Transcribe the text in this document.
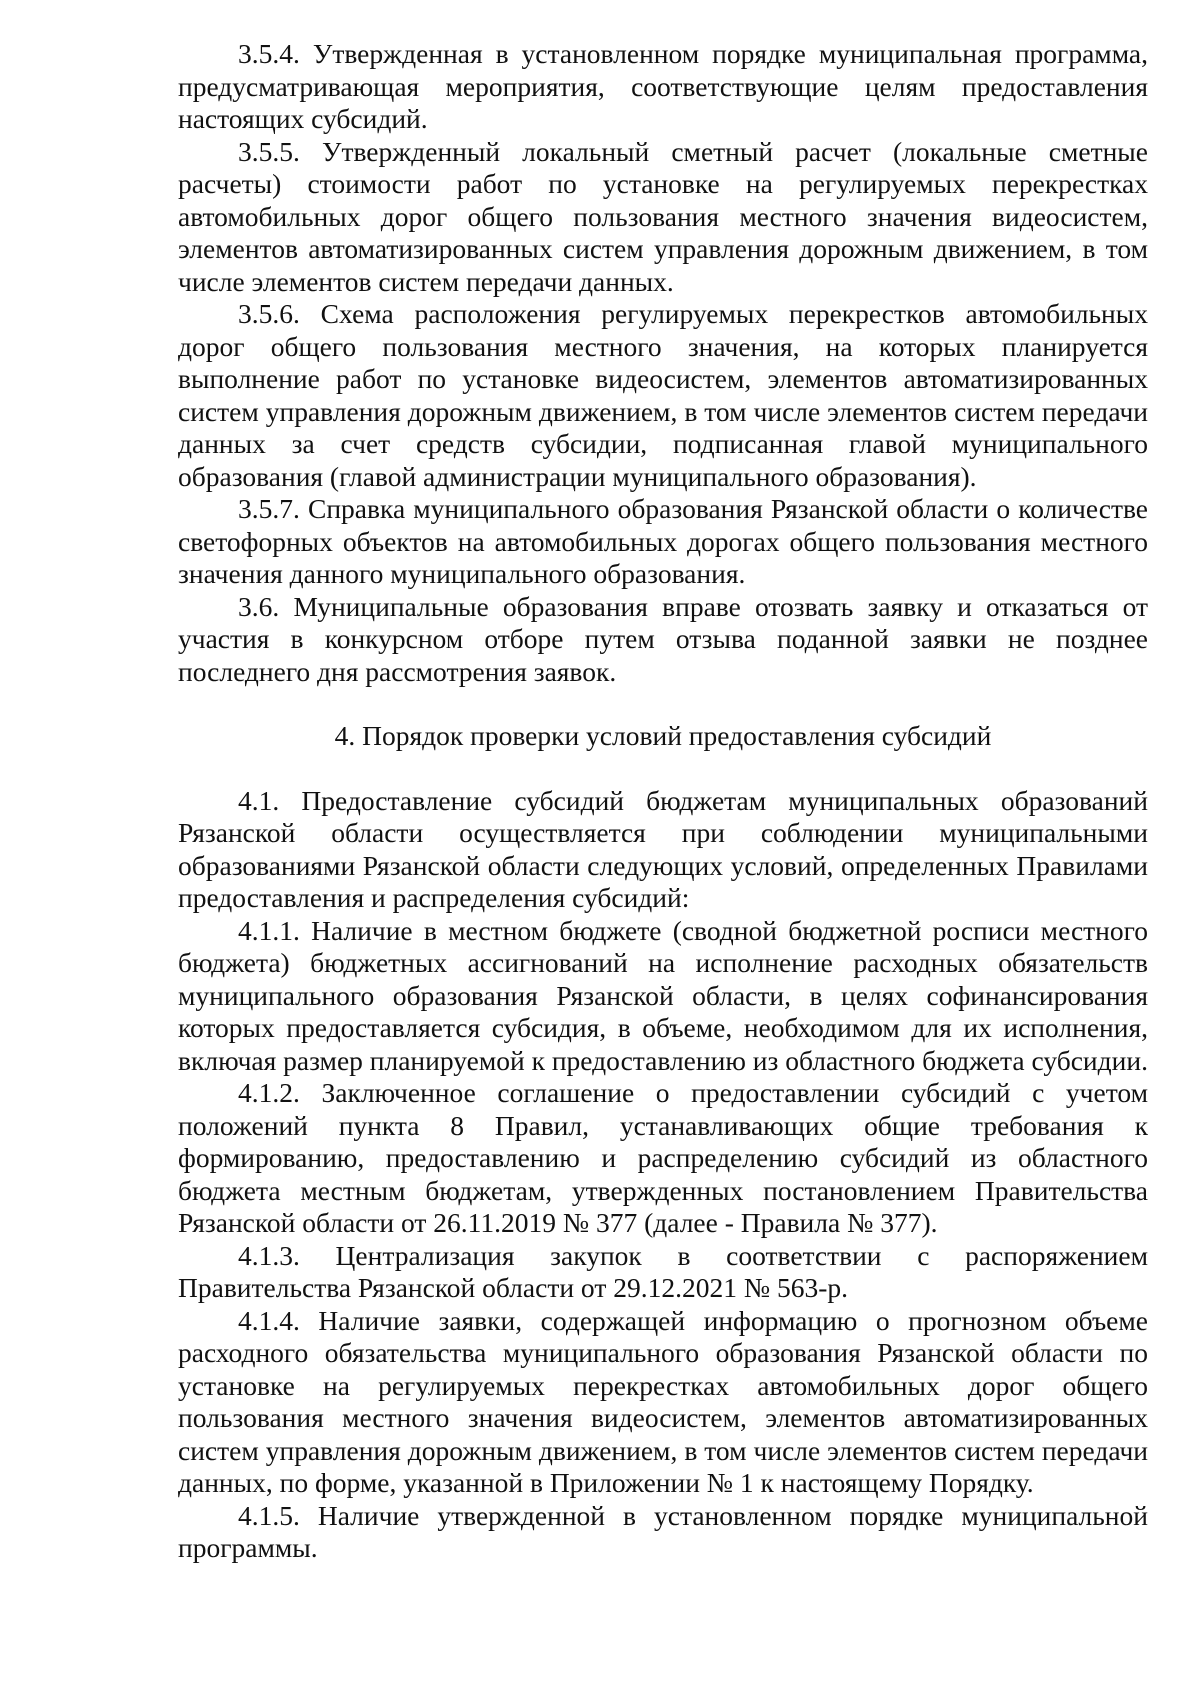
3.5.4. Утвержденная в установленном порядке муниципальная программа, предусматривающая мероприятия, соответствующие целям предоставления настоящих субсидий.

3.5.5. Утвержденный локальный сметный расчет (локальные сметные расчеты) стоимости работ по установке на регулируемых перекрестках автомобильных дорог общего пользования местного значения видеосистем, элементов автоматизированных систем управления дорожным движением, в том числе элементов систем передачи данных.

3.5.6. Схема расположения регулируемых перекрестков автомобильных дорог общего пользования местного значения, на которых планируется выполнение работ по установке видеосистем, элементов автоматизированных систем управления дорожным движением, в том числе элементов систем передачи данных за счет средств субсидии, подписанная главой муниципального образования (главой администрации муниципального образования).

3.5.7. Справка муниципального образования Рязанской области о количестве светофорных объектов на автомобильных дорогах общего пользования местного значения данного муниципального образования.

3.6. Муниципальные образования вправе отозвать заявку и отказаться от участия в конкурсном отборе путем отзыва поданной заявки не позднее последнего дня рассмотрения заявок.

4. Порядок проверки условий предоставления субсидий

4.1. Предоставление субсидий бюджетам муниципальных образований Рязанской области осуществляется при соблюдении муниципальными образованиями Рязанской области следующих условий, определенных Правилами предоставления и распределения субсидий:

4.1.1. Наличие в местном бюджете (сводной бюджетной росписи местного бюджета) бюджетных ассигнований на исполнение расходных обязательств муниципального образования Рязанской области, в целях софинансирования которых предоставляется субсидия, в объеме, необходимом для их исполнения, включая размер планируемой к предоставлению из областного бюджета субсидии.

4.1.2. Заключенное соглашение о предоставлении субсидий с учетом положений пункта 8 Правил, устанавливающих общие требования к формированию, предоставлению и распределению субсидий из областного бюджета местным бюджетам, утвержденных постановлением Правительства Рязанской области от 26.11.2019 № 377 (далее - Правила № 377).

4.1.3. Централизация закупок в соответствии с распоряжением Правительства Рязанской области от 29.12.2021 № 563-р.

4.1.4. Наличие заявки, содержащей информацию о прогнозном объеме расходного обязательства муниципального образования Рязанской области по установке на регулируемых перекрестках автомобильных дорог общего пользования местного значения видеосистем, элементов автоматизированных систем управления дорожным движением, в том числе элементов систем передачи данных, по форме, указанной в Приложении № 1 к настоящему Порядку.

4.1.5. Наличие утвержденной в установленном порядке муниципальной программы.
